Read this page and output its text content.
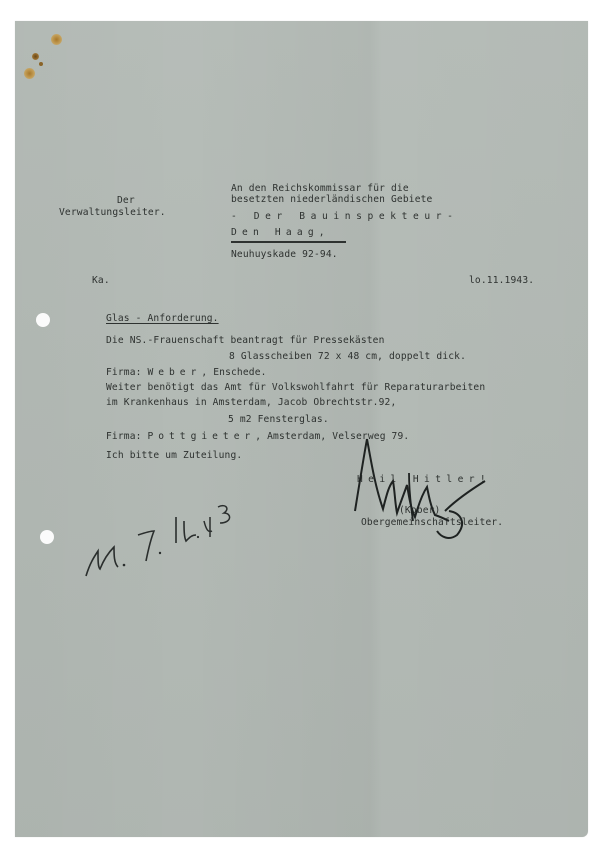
Der
Verwaltungsleiter.
An den Reichskommissar für die
besetzten niederländischen Gebiete
- Der Bauinspekteur-
Den Haag,
Neuhuyskade 92-94.
Ka.	lo.11.1943.
Glas - Anforderung.
Die NS.-Frauenschaft beantragt für Pressekästen
8 Glasscheiben 72 x 48 cm, doppelt dick.
Firma: Weber, Enschede.
Weiter benötigt das Amt für Volkswohlfahrt für Reparaturarbeiten
im Krankenhaus in Amsterdam, Jacob Obrechtstr.92,
5 m2 Fensterglas.
Firma: Pottgieter, Amsterdam, Velserweg 79.
Ich bitte um Zuteilung.
Heil Hitler!
(Kober)
Obergemeinschaftsleiter.
